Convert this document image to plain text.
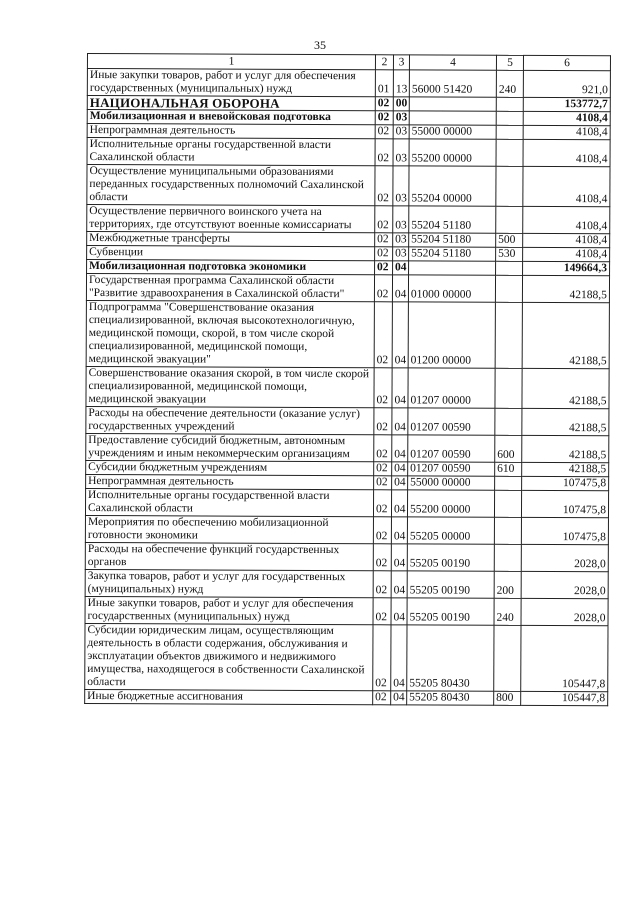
35
1	2	3	4	5	6
Иные закупки товаров, работ и услуг для обеспечения государственных (муниципальных) нужд	01	13	56000 51420	240	921,0
НАЦИОНАЛЬНАЯ ОБОРОНА	02	00			153772,7
Мобилизационная и вневойсковая подготовка	02	03			4108,4
Непрограммная деятельность	02	03	55000 00000		4108,4
Исполнительные органы государственной власти Сахалинской области	02	03	55200 00000		4108,4
Осуществление муниципальными образованиями переданных государственных полномочий Сахалинской области	02	03	55204 00000		4108,4
Осуществление первичного воинского учета на территориях, где отсутствуют военные комиссариаты	02	03	55204 51180		4108,4
Межбюджетные трансферты	02	03	55204 51180	500	4108,4
Субвенции	02	03	55204 51180	530	4108,4
Мобилизационная подготовка экономики	02	04			149664,3
Государственная программа Сахалинской области "Развитие здравоохранения в Сахалинской области"	02	04	01000 00000		42188,5
Подпрограмма "Совершенствование оказания специализированной, включая высокотехнологичную, медицинской помощи, скорой, в том числе скорой специализированной, медицинской помощи, медицинской эвакуации"	02	04	01200 00000		42188,5
Совершенствование оказания скорой, в том числе скорой специализированной, медицинской помощи, медицинской эвакуации	02	04	01207 00000		42188,5
Расходы на обеспечение деятельности (оказание услуг) государственных учреждений	02	04	01207 00590		42188,5
Предоставление субсидий бюджетным, автономным учреждениям и иным некоммерческим организациям	02	04	01207 00590	600	42188,5
Субсидии бюджетным учреждениям	02	04	01207 00590	610	42188,5
Непрограммная деятельность	02	04	55000 00000		107475,8
Исполнительные органы государственной власти Сахалинской области	02	04	55200 00000		107475,8
Мероприятия по обеспечению мобилизационной готовности экономики	02	04	55205 00000		107475,8
Расходы на обеспечение функций государственных органов	02	04	55205 00190		2028,0
Закупка товаров, работ и услуг для государственных (муниципальных) нужд	02	04	55205 00190	200	2028,0
Иные закупки товаров, работ и услуг для обеспечения государственных (муниципальных) нужд	02	04	55205 00190	240	2028,0
Субсидии юридическим лицам, осуществляющим деятельность в области содержания, обслуживания и эксплуатации объектов движимого и недвижимого имущества, находящегося в собственности Сахалинской области	02	04	55205 80430		105447,8
Иные бюджетные ассигнования	02	04	55205 80430	800	105447,8
